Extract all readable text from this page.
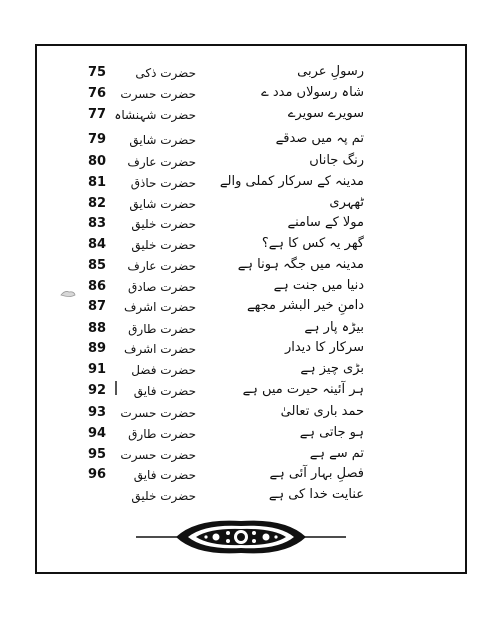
75	حضرت ذکی	رسولِ عربی
76	حضرت حسرت	شاہ رسولاں مدد ے
77 حضرت شہنشاہ	سویرے سویرے
79	حضرت شایق	تم پہ میں صدقے
80	حضرت عارف	رنگ جاناں
81	حضرت حاذق	مدینہ کے سرکار کملی والے
82	حضرت شایق	ٹھہری
83	حضرت خلیق	مولا کے سامنے
84	حضرت خلیق	گھر یہ کس کا ہے؟
85	حضرت عارف	مدینہ میں جگہ ہونا ہے
86	حضرت صادق	دنیا میں جنت ہے
87	حضرت اشرف	دامنِ خیر البشر مجھے
88	حضرت طارق	بیڑہ پار ہے
89	حضرت اشرف	سرکار کا دیدار
91	حضرت فضل	بڑی چیز ہے
92	حضرت فایق	ہر آئینہ حیرت میں ہے
93	حضرت حسرت	حمد باری تعالیٰ
94	حضرت طارق	ہو جاتی ہے
95	حضرت حسرت	تم سے ہے
96	حضرت فایق	فصلِ بہار آئی ہے
حضرت خلیق	عنایت خدا کی ہے
